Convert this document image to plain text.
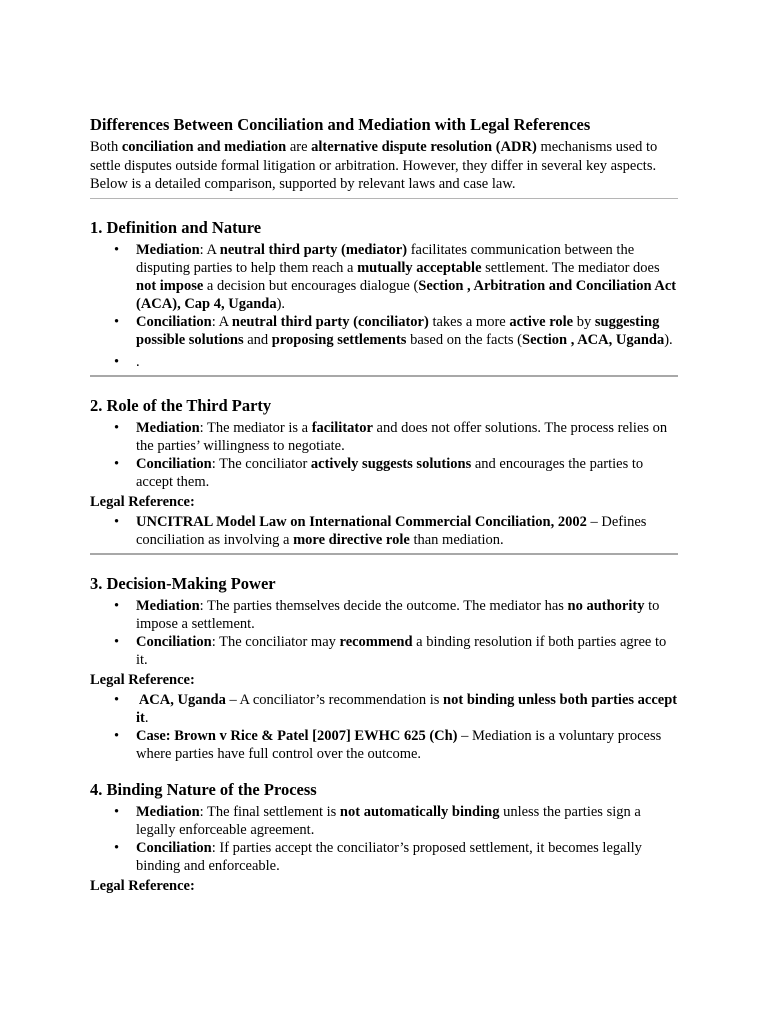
Differences Between Conciliation and Mediation with Legal References

Both conciliation and mediation are alternative dispute resolution (ADR) mechanisms used to settle disputes outside formal litigation or arbitration. However, they differ in several key aspects. Below is a detailed comparison, supported by relevant laws and case law.

1. Definition and Nature
• Mediation: A neutral third party (mediator) facilitates communication between the disputing parties to help them reach a mutually acceptable settlement. The mediator does not impose a decision but encourages dialogue (Section , Arbitration and Conciliation Act (ACA), Cap 4, Uganda).
• Conciliation: A neutral third party (conciliator) takes a more active role by suggesting possible solutions and proposing settlements based on the facts (Section , ACA, Uganda).
• .
2. Role of the Third Party
• Mediation: The mediator is a facilitator and does not offer solutions. The process relies on the parties’ willingness to negotiate.
• Conciliation: The conciliator actively suggests solutions and encourages the parties to accept them.

Legal Reference:

• UNCITRAL Model Law on International Commercial Conciliation, 2002 – Defines conciliation as involving a more directive role than mediation.
3. Decision-Making Power
• Mediation: The parties themselves decide the outcome. The mediator has no authority to impose a settlement.
• Conciliation: The conciliator may recommend a binding resolution if both parties agree to it.

Legal Reference:

•  ACA, Uganda – A conciliator’s recommendation is not binding unless both parties accept it.
• Case: Brown v Rice & Patel [2007] EWHC 625 (Ch) – Mediation is a voluntary process where parties have full control over the outcome.
4. Binding Nature of the Process
• Mediation: The final settlement is not automatically binding unless the parties sign a legally enforceable agreement.
• Conciliation: If parties accept the conciliator’s proposed settlement, it becomes legally binding and enforceable.

Legal Reference:
